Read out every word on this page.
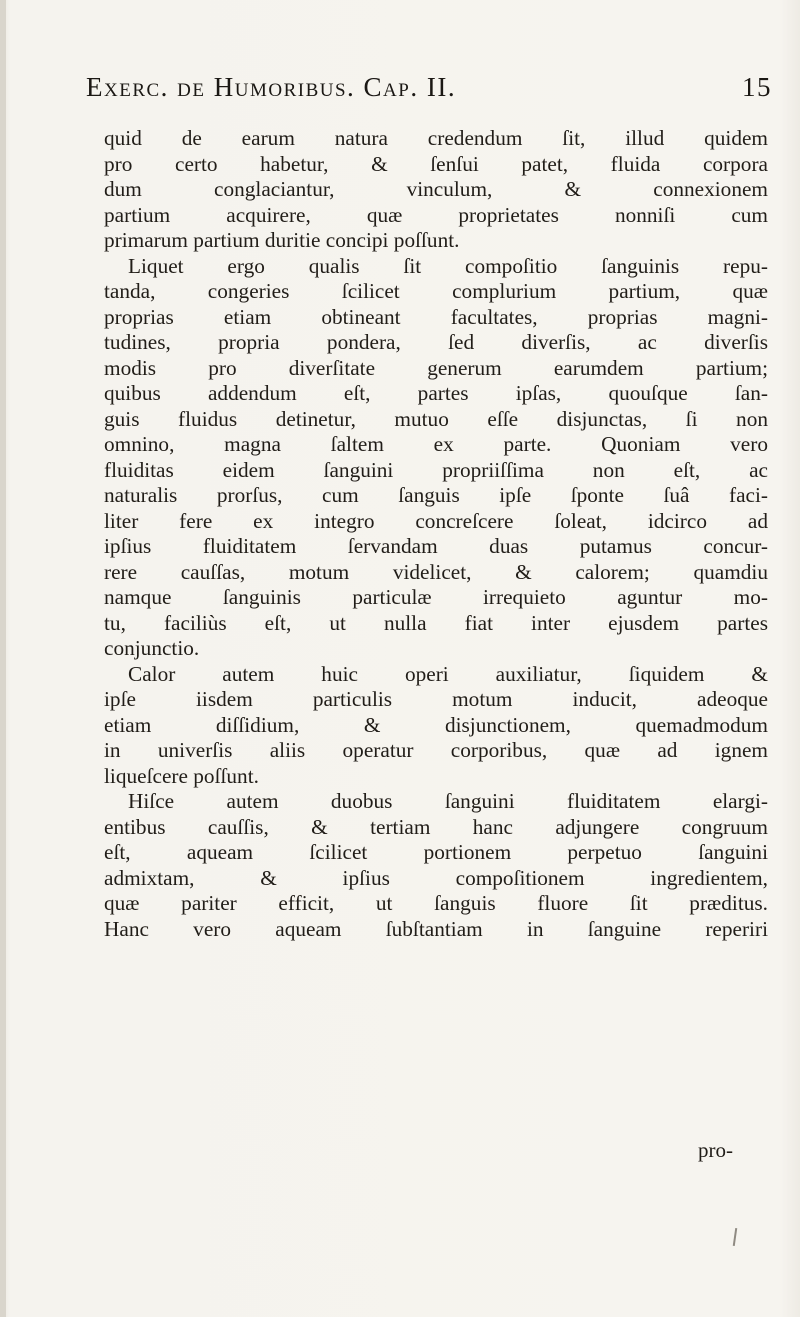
Exerc. de Humoribus. Cap. II.	15
quid de earum natura credendum ſit, illud quidem
pro certo habetur, & ſenſui patet, fluida corpora
dum conglaciantur, vinculum, & connexionem
partium acquirere, quæ proprietates nonniſi cum
primarum partium duritie concipi poſſunt.
Liquet ergo qualis ſit compoſitio ſanguinis repu-
tanda, congeries ſcilicet complurium partium, quæ
proprias etiam obtineant facultates, proprias magni-
tudines, propria pondera, ſed diverſis, ac diverſis
modis pro diverſitate generum earumdem partium;
quibus addendum eſt, partes ipſas, quouſque ſan-
guis fluidus detinetur, mutuo eſſe disjunctas, ſi non
omnino, magna ſaltem ex parte. Quoniam vero
fluiditas eidem ſanguini propriiſſima non eſt, ac
naturalis prorſus, cum ſanguis ipſe ſponte ſuâ faci-
liter fere ex integro concreſcere ſoleat, idcirco ad
ipſius fluiditatem ſervandam duas putamus concur-
rere cauſſas, motum videlicet, & calorem; quamdiu
namque ſanguinis particulæ irrequieto aguntur mo-
tu, faciliùs eſt, ut nulla fiat inter ejusdem partes
conjunctio.
Calor autem huic operi auxiliatur, ſiquidem &
ipſe iisdem particulis motum inducit, adeoque
etiam diſſidium, & disjunctionem, quemadmodum
in univerſis aliis operatur corporibus, quæ ad ignem
liqueſcere poſſunt.
Hiſce autem duobus ſanguini fluiditatem elargi-
entibus cauſſis, & tertiam hanc adjungere congruum
eſt, aqueam ſcilicet portionem perpetuo ſanguini
admixtam, & ipſius compoſitionem ingredientem,
quæ pariter efficit, ut ſanguis fluore ſit præditus.
Hanc vero aqueam ſubſtantiam in ſanguine reperiri
pro-
